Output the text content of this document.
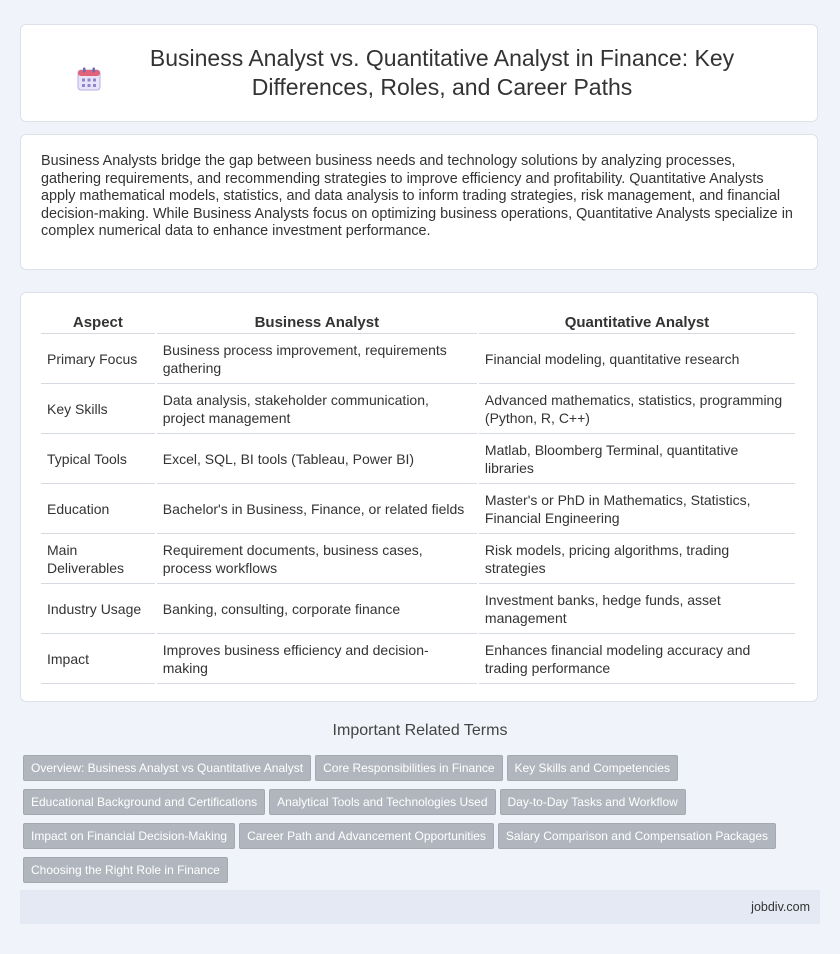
Business Analyst vs. Quantitative Analyst in Finance: Key Differences, Roles, and Career Paths

Business Analysts bridge the gap between business needs and technology solutions by analyzing processes, gathering requirements, and recommending strategies to improve efficiency and profitability. Quantitative Analysts apply mathematical models, statistics, and data analysis to inform trading strategies, risk management, and financial decision-making. While Business Analysts focus on optimizing business operations, Quantitative Analysts specialize in complex numerical data to enhance investment performance.

Aspect	Business Analyst	Quantitative Analyst
Primary Focus	Business process improvement, requirements gathering	Financial modeling, quantitative research
Key Skills	Data analysis, stakeholder communication, project management	Advanced mathematics, statistics, programming (Python, R, C++)
Typical Tools	Excel, SQL, BI tools (Tableau, Power BI)	Matlab, Bloomberg Terminal, quantitative libraries
Education	Bachelor's in Business, Finance, or related fields	Master's or PhD in Mathematics, Statistics, Financial Engineering
Main Deliverables	Requirement documents, business cases, process workflows	Risk models, pricing algorithms, trading strategies
Industry Usage	Banking, consulting, corporate finance	Investment banks, hedge funds, asset management
Impact	Improves business efficiency and decision-making	Enhances financial modeling accuracy and trading performance
Important Related Terms
Overview: Business Analyst vs Quantitative Analyst Core Responsibilities in Finance Key Skills and Competencies
Educational Background and Certifications Analytical Tools and Technologies Used Day-to-Day Tasks and Workflow
Impact on Financial Decision-Making Career Path and Advancement Opportunities Salary Comparison and Compensation Packages
Choosing the Right Role in Finance
jobdiv.com
